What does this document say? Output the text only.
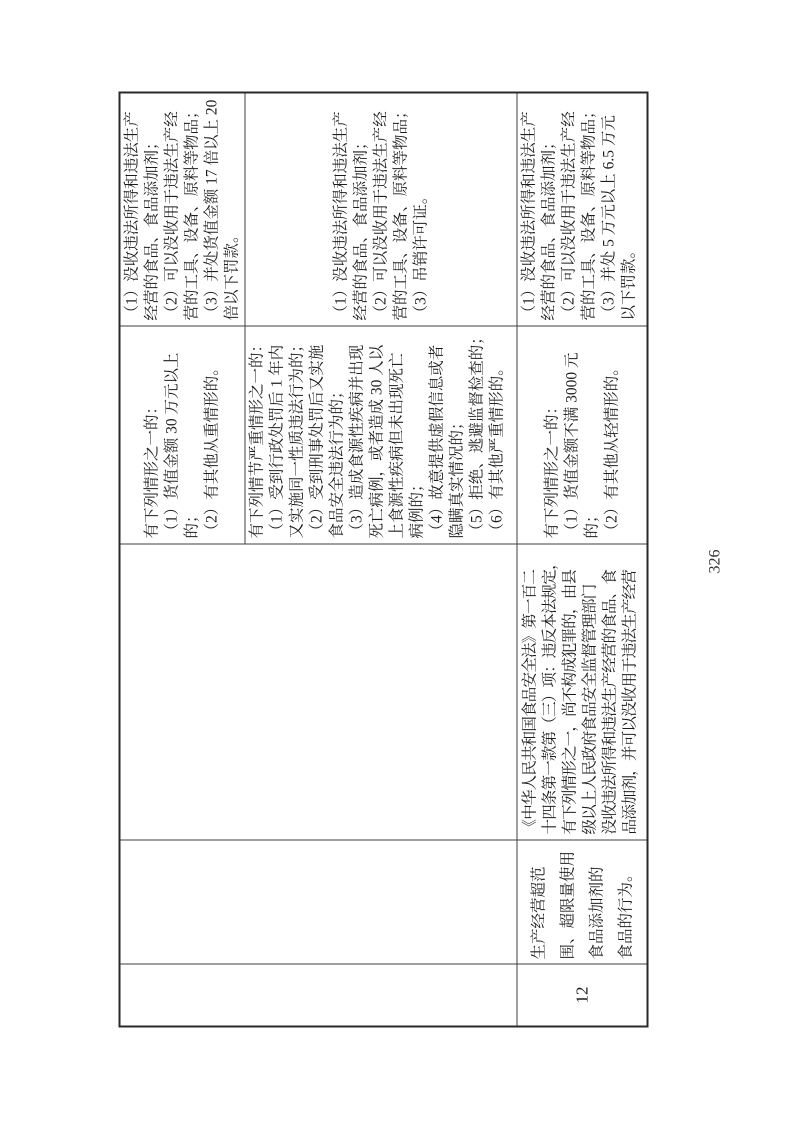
有下列情形之一的： （1）货值金额 30 万元以上 的； （2）有其他从重情形的。
（1）没收违法所得和违法生产 经营的食品、食品添加剂； （2）可以没收用于违法生产经 营的工具、设备、原料等物品； （3）并处货值金额 17 倍以上 20 倍以下罚款。
有下列情节严重情形之一的： （1）受到行政处罚后 1 年内 又实施同一性质违法行为的； （2）受到刑事处罚后又实施 食品安全违法行为的； （3）造成食源性疾病并出现 死亡病例，或者造成 30 人以 上食源性疾病但未出现死亡 病例的； （4）故意提供虚假信息或者 隐瞒真实情况的； （5）拒绝、逃避监督检查的； （6）有其他严重情形的。
（1）没收违法所得和违法生产 经营的食品、食品添加剂； （2）可以没收用于违法生产经 营的工具、设备、原料等物品； （3）吊销许可证。
12
生产经营超范 围、超限量使用 食品添加剂的 食品的行为。
《中华人民共和国食品安全法》第一百二 十四条第一款第（三）项：违反本法规定， 有下列情形之一，尚不构成犯罪的，由县 级以上人民政府食品安全监督管理部门 没收违法所得和违法生产经营的食品、食 品添加剂，并可以没收用于违法生产经营
有下列情形之一的： （1）货值金额不满 3000 元 的； （2）有其他从轻情形的。
（1）没收违法所得和违法生产 经营的食品、食品添加剂； （2）可以没收用于违法生产经 营的工具、设备、原料等物品； （3）并处 5 万元以上 6.5 万元 以下罚款。
326
